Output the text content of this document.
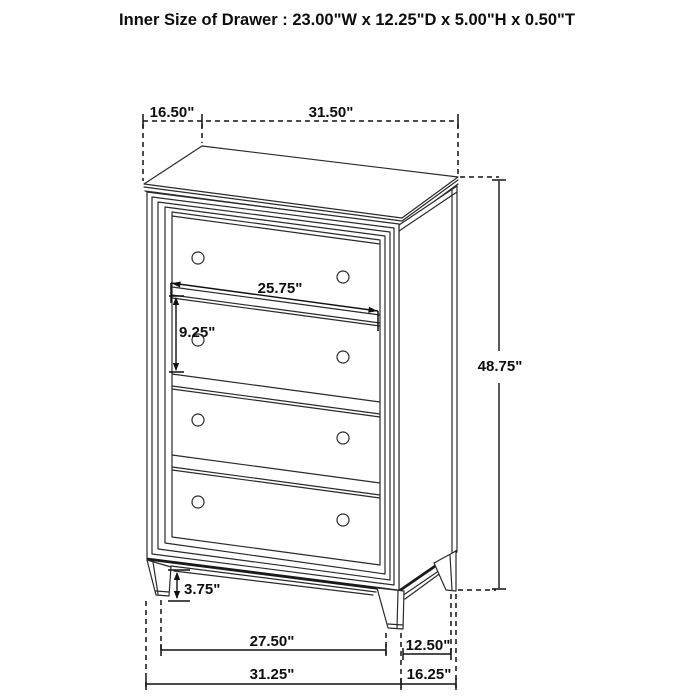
Inner Size of Drawer : 23.00"W x 12.25"D x 5.00"H x 0.50"T
16.50"	31.50"
48.75"
25.75"
9.25"
3.75"
27.50"	12.50"
31.25"	16.25"
